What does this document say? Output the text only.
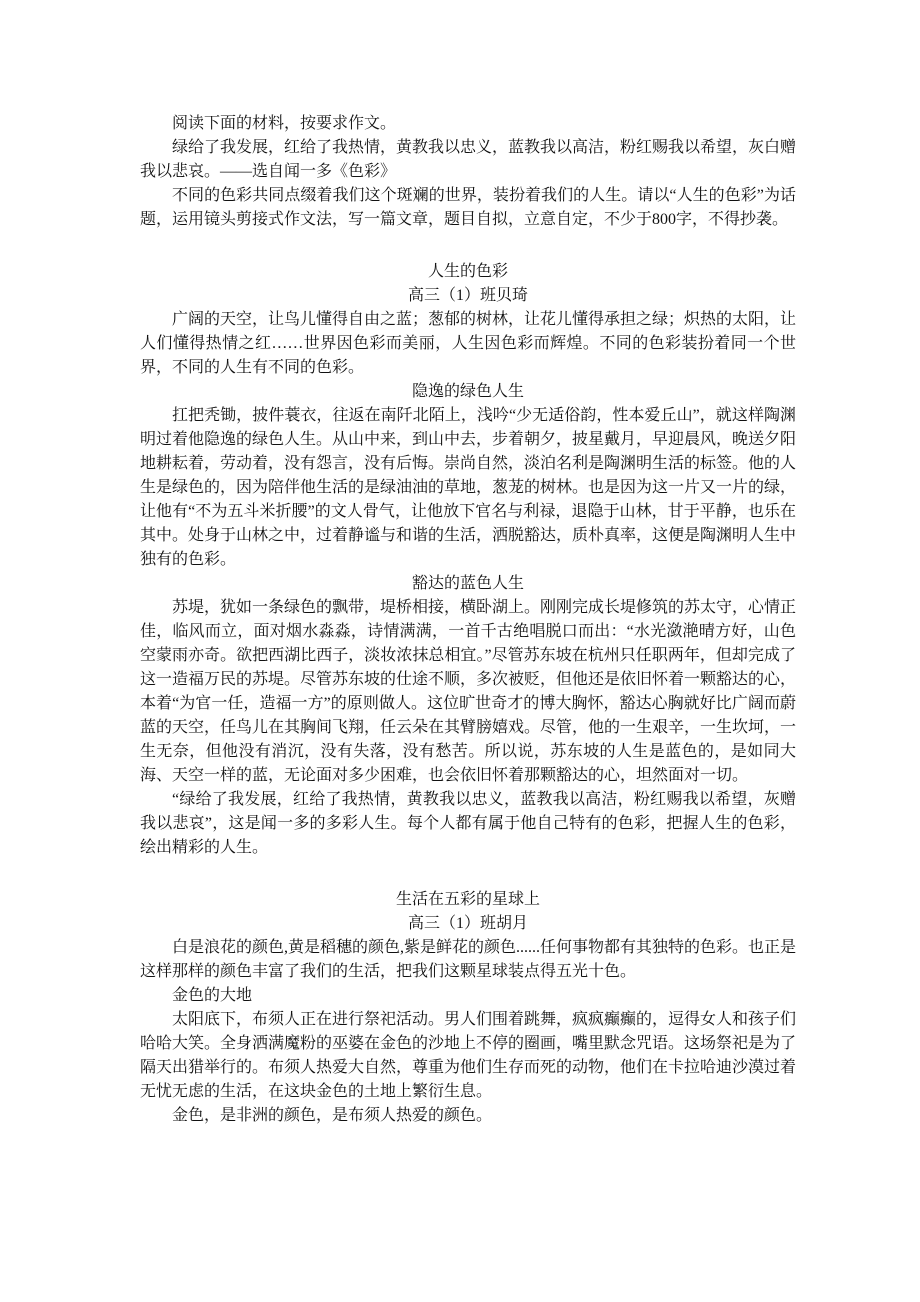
阅读下面的材料，按要求作文。

绿给了我发展，红给了我热情，黄教我以忠义，蓝教我以高洁，粉红赐我以希望，灰白赠我以悲哀。——选自闻一多《色彩》

不同的色彩共同点缀着我们这个斑斓的世界，装扮着我们的人生。请以“人生的色彩”为话题，运用镜头剪接式作文法，写一篇文章，题目自拟，立意自定，不少于800字，不得抄袭。

人生的色彩

高三（1）班贝琦

广阔的天空，让鸟儿懂得自由之蓝；葱郁的树林，让花儿懂得承担之绿；炽热的太阳，让人们懂得热情之红……世界因色彩而美丽，人生因色彩而辉煌。不同的色彩装扮着同一个世界，不同的人生有不同的色彩。

隐逸的绿色人生

扛把秃锄，披件蓑衣，往返在南阡北陌上，浅吟“少无适俗韵，性本爱丘山”，就这样陶渊明过着他隐逸的绿色人生。从山中来，到山中去，步着朝夕，披星戴月，早迎晨风，晚送夕阳地耕耘着，劳动着，没有怨言，没有后悔。崇尚自然，淡泊名利是陶渊明生活的标签。他的人生是绿色的，因为陪伴他生活的是绿油油的草地，葱茏的树林。也是因为这一片又一片的绿，让他有“不为五斗米折腰”的文人骨气，让他放下官名与利禄，退隐于山林，甘于平静，也乐在其中。处身于山林之中，过着静谧与和谐的生活，洒脱豁达，质朴真率，这便是陶渊明人生中独有的色彩。

豁达的蓝色人生

苏堤，犹如一条绿色的飘带，堤桥相接，横卧湖上。刚刚完成长堤修筑的苏太守，心情正佳，临风而立，面对烟水淼淼，诗情满满，一首千古绝唱脱口而出：“水光潋滟晴方好，山色空蒙雨亦奇。欲把西湖比西子，淡妆浓抹总相宜。”尽管苏东坡在杭州只任职两年，但却完成了这一造福万民的苏堤。尽管苏东坡的仕途不顺，多次被贬，但他还是依旧怀着一颗豁达的心，本着“为官一任，造福一方”的原则做人。这位旷世奇才的博大胸怀，豁达心胸就好比广阔而蔚蓝的天空，任鸟儿在其胸间飞翔，任云朵在其臂膀嬉戏。尽管，他的一生艰辛，一生坎坷，一生无奈，但他没有消沉，没有失落，没有愁苦。所以说，苏东坡的人生是蓝色的，是如同大海、天空一样的蓝，无论面对多少困难，也会依旧怀着那颗豁达的心，坦然面对一切。

“绿给了我发展，红给了我热情，黄教我以忠义，蓝教我以高洁，粉红赐我以希望，灰赠我以悲哀”，这是闻一多的多彩人生。每个人都有属于他自己特有的色彩，把握人生的色彩，绘出精彩的人生。

生活在五彩的星球上

高三（1）班胡月

白是浪花的颜色,黄是稻穗的颜色,紫是鲜花的颜色......任何事物都有其独特的色彩。也正是这样那样的颜色丰富了我们的生活，把我们这颗星球装点得五光十色。

金色的大地

太阳底下，布须人正在进行祭祀活动。男人们围着跳舞，疯疯癫癫的，逗得女人和孩子们哈哈大笑。全身洒满魔粉的巫婆在金色的沙地上不停的圈画，嘴里默念咒语。这场祭祀是为了隔天出猎举行的。布须人热爱大自然，尊重为他们生存而死的动物，他们在卡拉哈迪沙漠过着无忧无虑的生活，在这块金色的土地上繁衍生息。

金色，是非洲的颜色，是布须人热爱的颜色。
